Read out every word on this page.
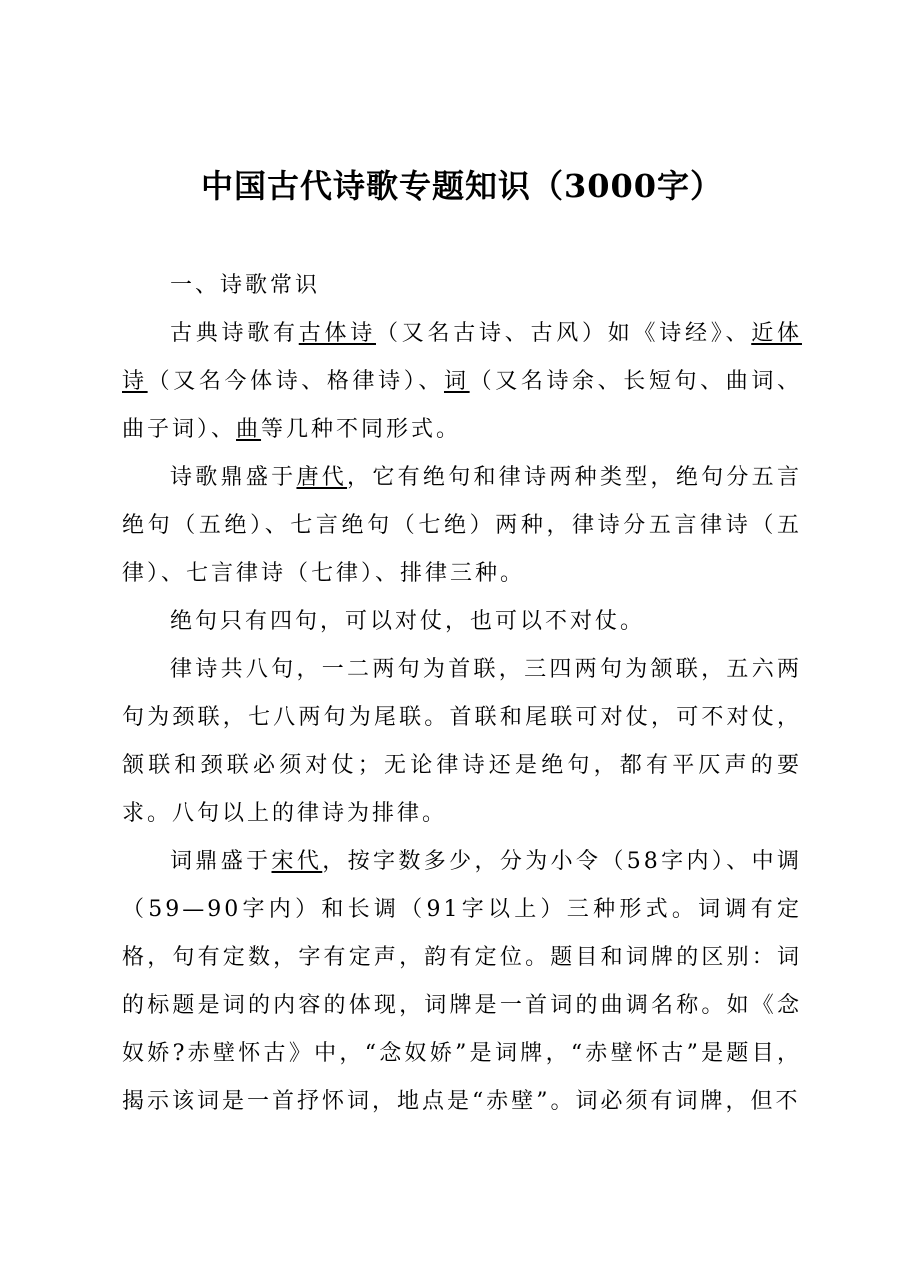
中国古代诗歌专题知识（3000字）

一、诗歌常识

古典诗歌有古体诗（又名古诗、古风）如《诗经》、近体诗（又名今体诗、格律诗）、词（又名诗余、长短句、曲词、曲子词）、曲等几种不同形式。

诗歌鼎盛于唐代，它有绝句和律诗两种类型，绝句分五言绝句（五绝）、七言绝句（七绝）两种，律诗分五言律诗（五律）、七言律诗（七律）、排律三种。

绝句只有四句，可以对仗，也可以不对仗。

律诗共八句，一二两句为首联，三四两句为颔联，五六两句为颈联，七八两句为尾联。首联和尾联可对仗，可不对仗，颔联和颈联必须对仗；无论律诗还是绝句，都有平仄声的要求。八句以上的律诗为排律。

词鼎盛于宋代，按字数多少，分为小令（58字内）、中调（59—90字内）和长调（91字以上）三种形式。词调有定格，句有定数，字有定声，韵有定位。题目和词牌的区别：词的标题是词的内容的体现，词牌是一首词的曲调名称。如《念奴娇?赤壁怀古》中，“念奴娇”是词牌，“赤壁怀古”是题目，揭示该词是一首抒怀词，地点是“赤壁”。词必须有词牌，但不
